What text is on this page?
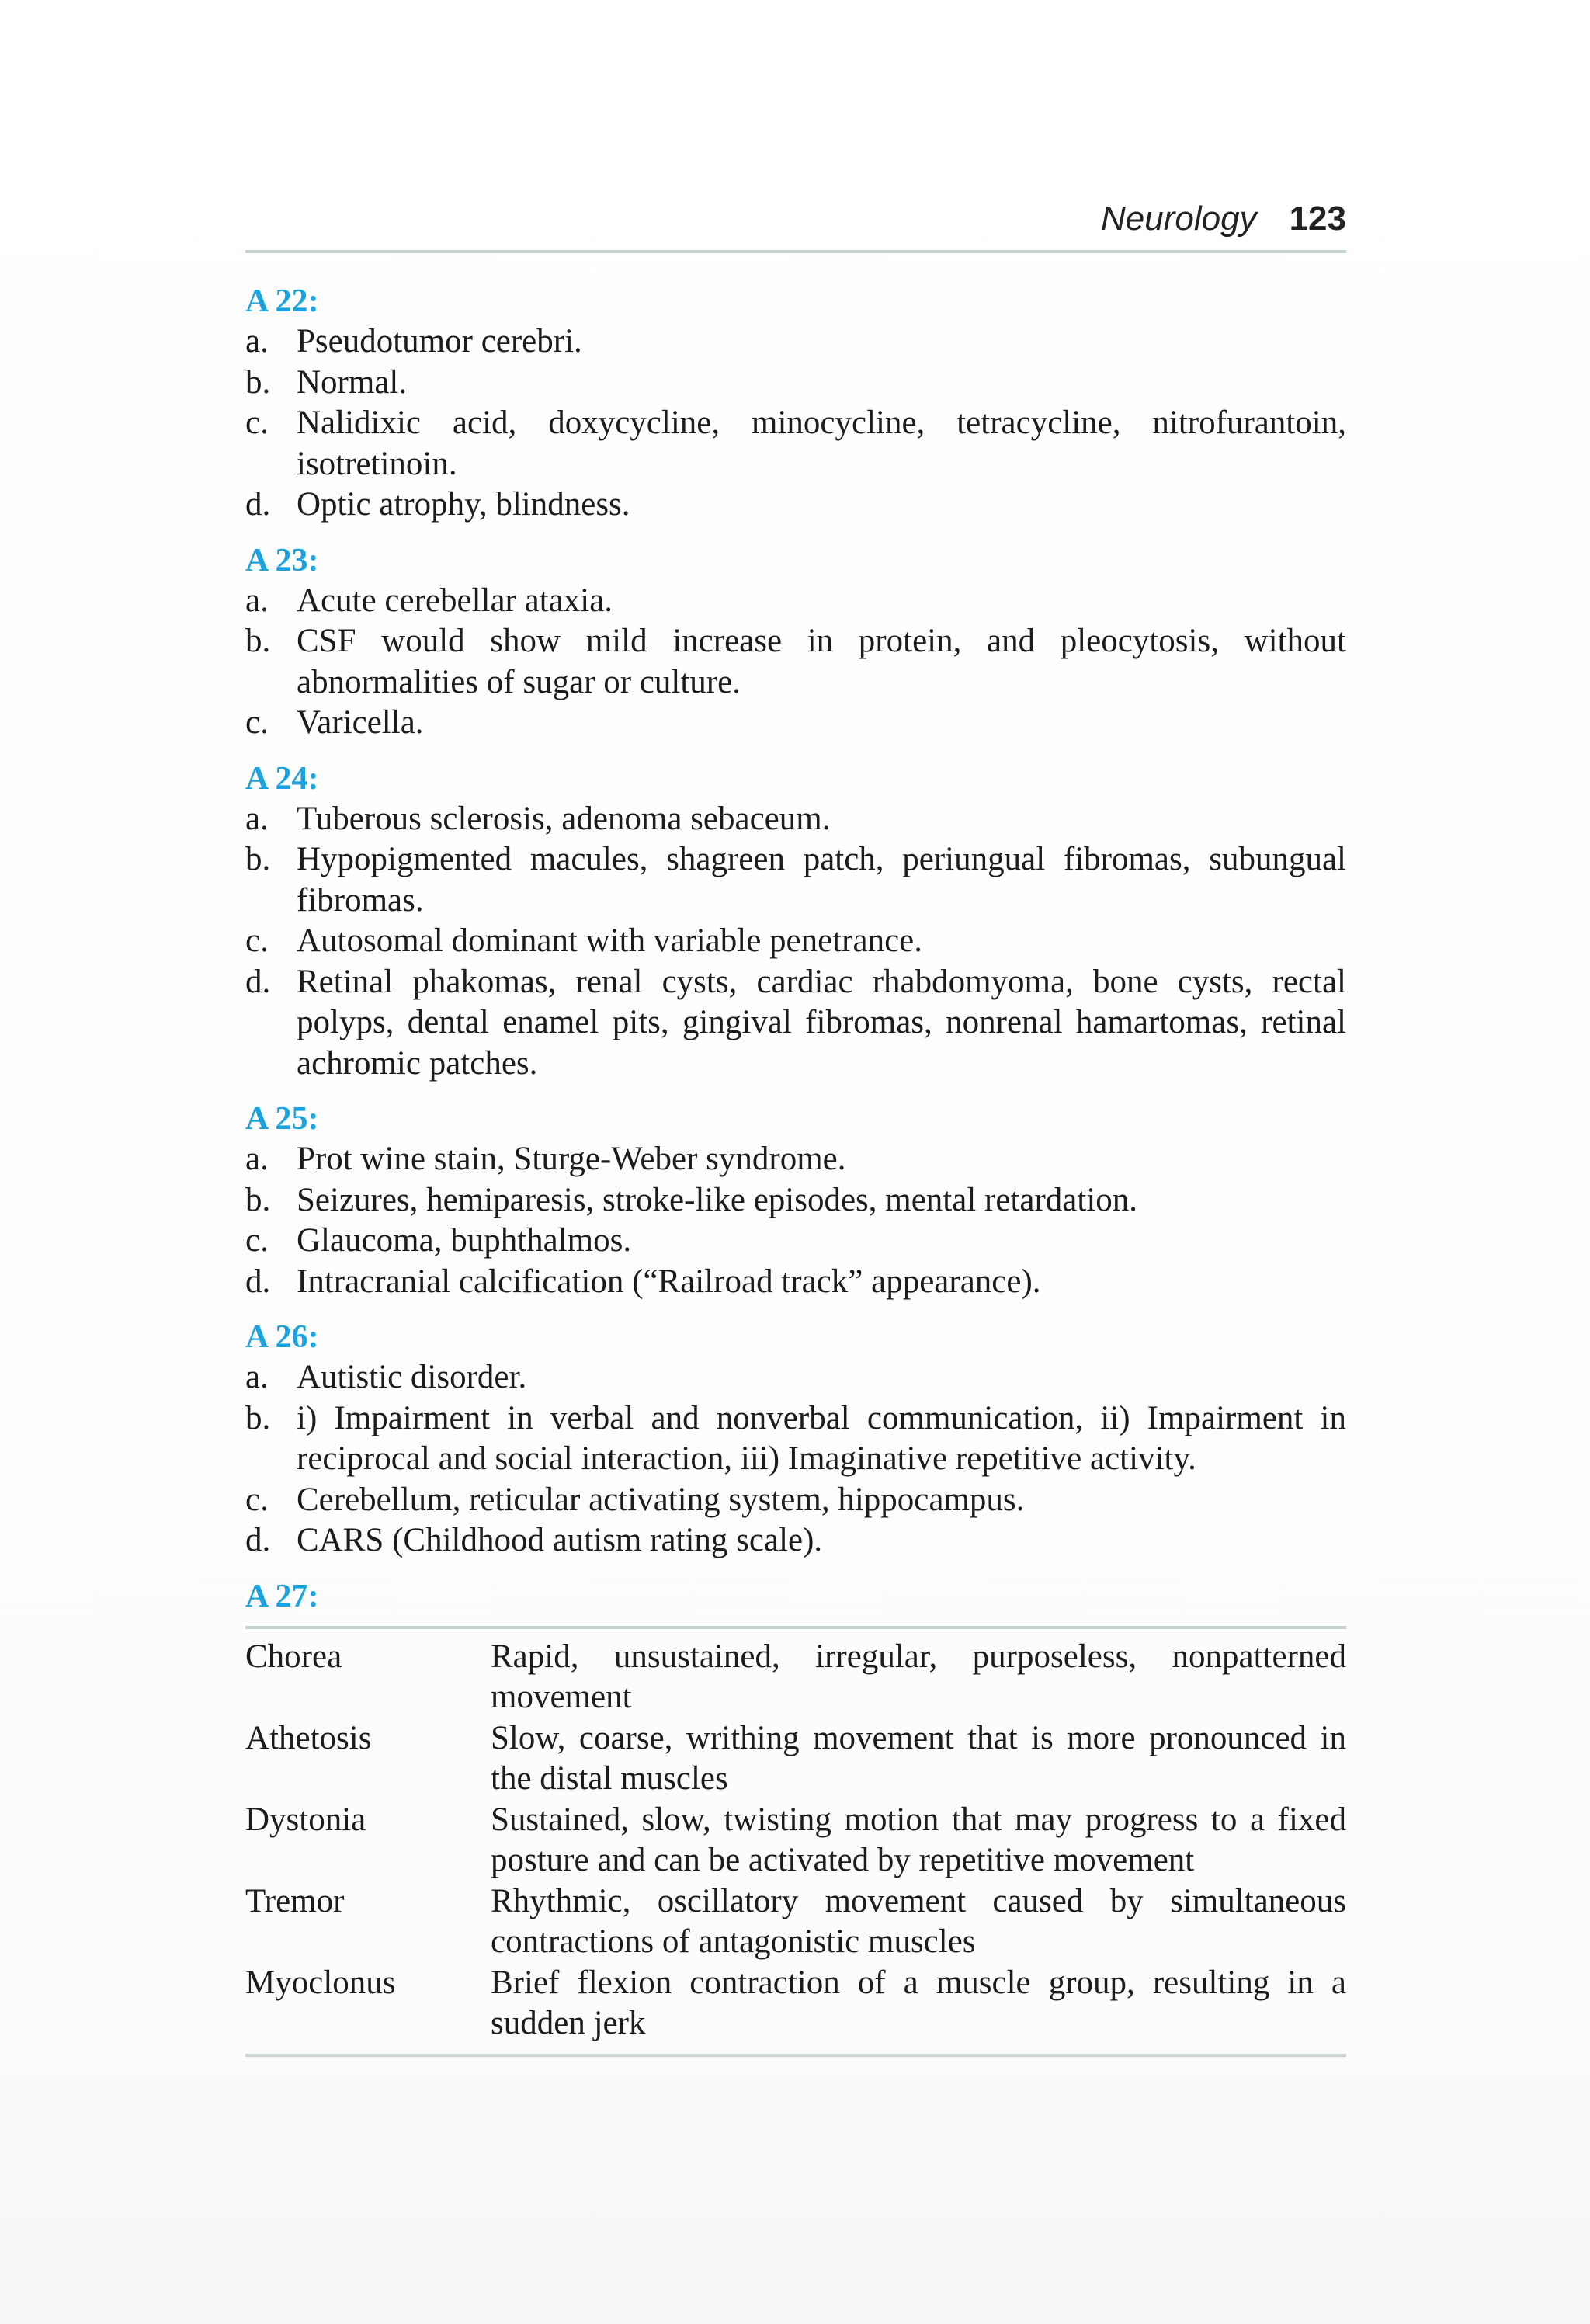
Neurology 123
A 22:
a. Pseudotumor cerebri.
b. Normal.
c. Nalidixic acid, doxycycline, minocycline, tetracycline, nitrofurantoin, isotretinoin.
d. Optic atrophy, blindness.
A 23:
a. Acute cerebellar ataxia.
b. CSF would show mild increase in protein, and pleocytosis, without abnormalities of sugar or culture.
c. Varicella.
A 24:
a. Tuberous sclerosis, adenoma sebaceum.
b. Hypopigmented macules, shagreen patch, periungual fibromas, subungual fibromas.
c. Autosomal dominant with variable penetrance.
d. Retinal phakomas, renal cysts, cardiac rhabdomyoma, bone cysts, rectal polyps, dental enamel pits, gingival fibromas, nonrenal hamartomas, retinal achromic patches.
A 25:
a. Prot wine stain, Sturge-Weber syndrome.
b. Seizures, hemiparesis, stroke-like episodes, mental retardation.
c. Glaucoma, buphthalmos.
d. Intracranial calcification (“Railroad track” appearance).
A 26:
a. Autistic disorder.
b. i) Impairment in verbal and nonverbal communication, ii) Impairment in reciprocal and social interaction, iii) Imaginative repetitive activity.
c. Cerebellum, reticular activating system, hippocampus.
d. CARS (Childhood autism rating scale).
A 27:
Chorea	Rapid, unsustained, irregular, purposeless, nonpatterned movement
Athetosis	Slow, coarse, writhing movement that is more pronounced in the distal muscles
Dystonia	Sustained, slow, twisting motion that may progress to a fixed posture and can be activated by repetitive movement
Tremor	Rhythmic, oscillatory movement caused by simultaneous contractions of antagonistic muscles
Myoclonus	Brief flexion contraction of a muscle group, resulting in a sudden jerk
